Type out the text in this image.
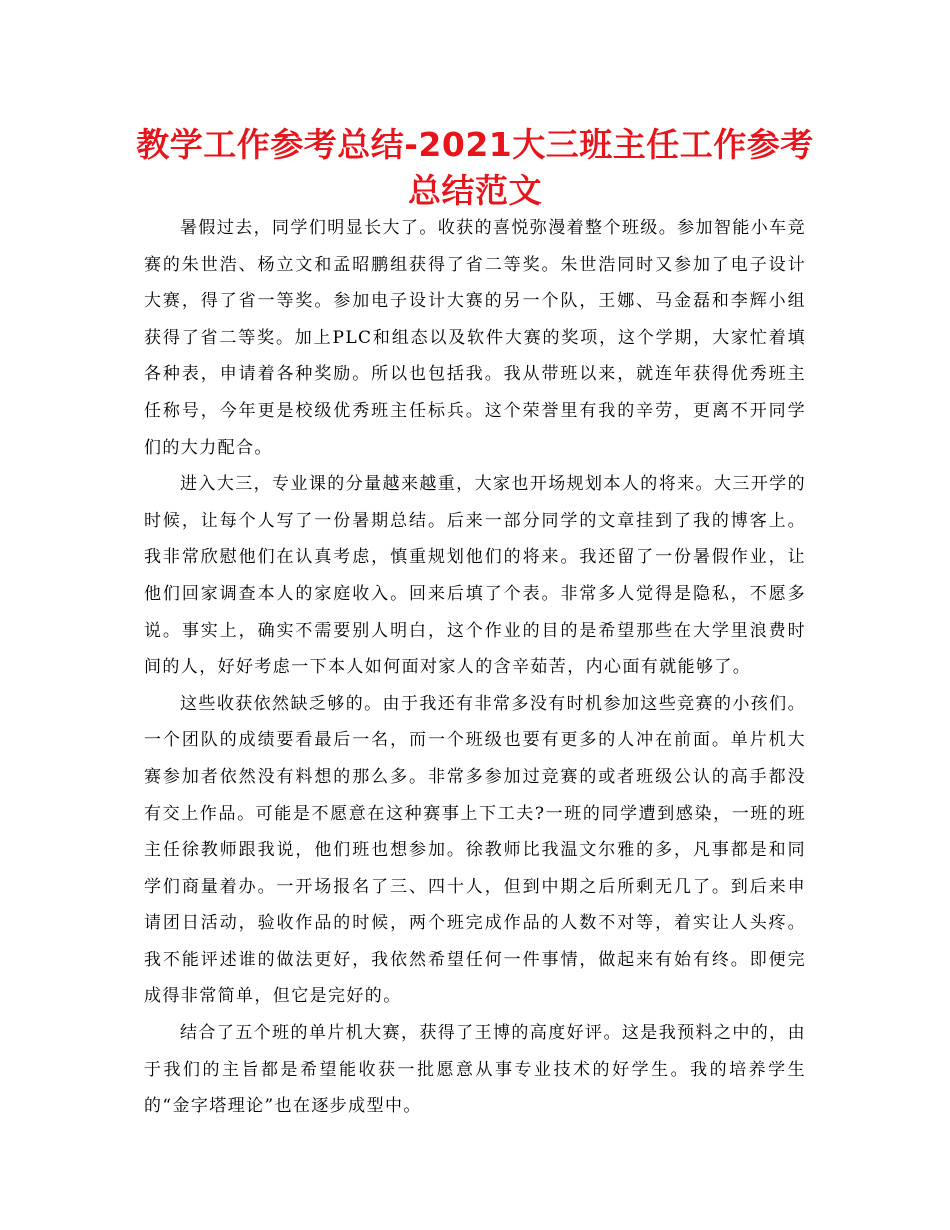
教学工作参考总结-2021大三班主任工作参考总结范文

暑假过去，同学们明显长大了。收获的喜悦弥漫着整个班级。参加智能小车竞赛的朱世浩、杨立文和孟昭鹏组获得了省二等奖。朱世浩同时又参加了电子设计大赛，得了省一等奖。参加电子设计大赛的另一个队，王娜、马金磊和李辉小组获得了省二等奖。加上PLC和组态以及软件大赛的奖项，这个学期，大家忙着填各种表，申请着各种奖励。所以也包括我。我从带班以来，就连年获得优秀班主任称号，今年更是校级优秀班主任标兵。这个荣誉里有我的辛劳，更离不开同学们的大力配合。

进入大三，专业课的分量越来越重，大家也开场规划本人的将来。大三开学的时候，让每个人写了一份暑期总结。后来一部分同学的文章挂到了我的博客上。我非常欣慰他们在认真考虑，慎重规划他们的将来。我还留了一份暑假作业，让他们回家调查本人的家庭收入。回来后填了个表。非常多人觉得是隐私，不愿多说。事实上，确实不需要别人明白，这个作业的目的是希望那些在大学里浪费时间的人，好好考虑一下本人如何面对家人的含辛茹苦，内心面有就能够了。

这些收获依然缺乏够的。由于我还有非常多没有时机参加这些竞赛的小孩们。一个团队的成绩要看最后一名，而一个班级也要有更多的人冲在前面。单片机大赛参加者依然没有料想的那么多。非常多参加过竞赛的或者班级公认的高手都没有交上作品。可能是不愿意在这种赛事上下工夫?一班的同学遭到感染，一班的班主任徐教师跟我说，他们班也想参加。徐教师比我温文尔雅的多，凡事都是和同学们商量着办。一开场报名了三、四十人，但到中期之后所剩无几了。到后来申请团日活动，验收作品的时候，两个班完成作品的人数不对等，着实让人头疼。我不能评述谁的做法更好，我依然希望任何一件事情，做起来有始有终。即便完成得非常简单，但它是完好的。

结合了五个班的单片机大赛，获得了王博的高度好评。这是我预料之中的，由于我们的主旨都是希望能收获一批愿意从事专业技术的好学生。我的培养学生的“金字塔理论”也在逐步成型中。
